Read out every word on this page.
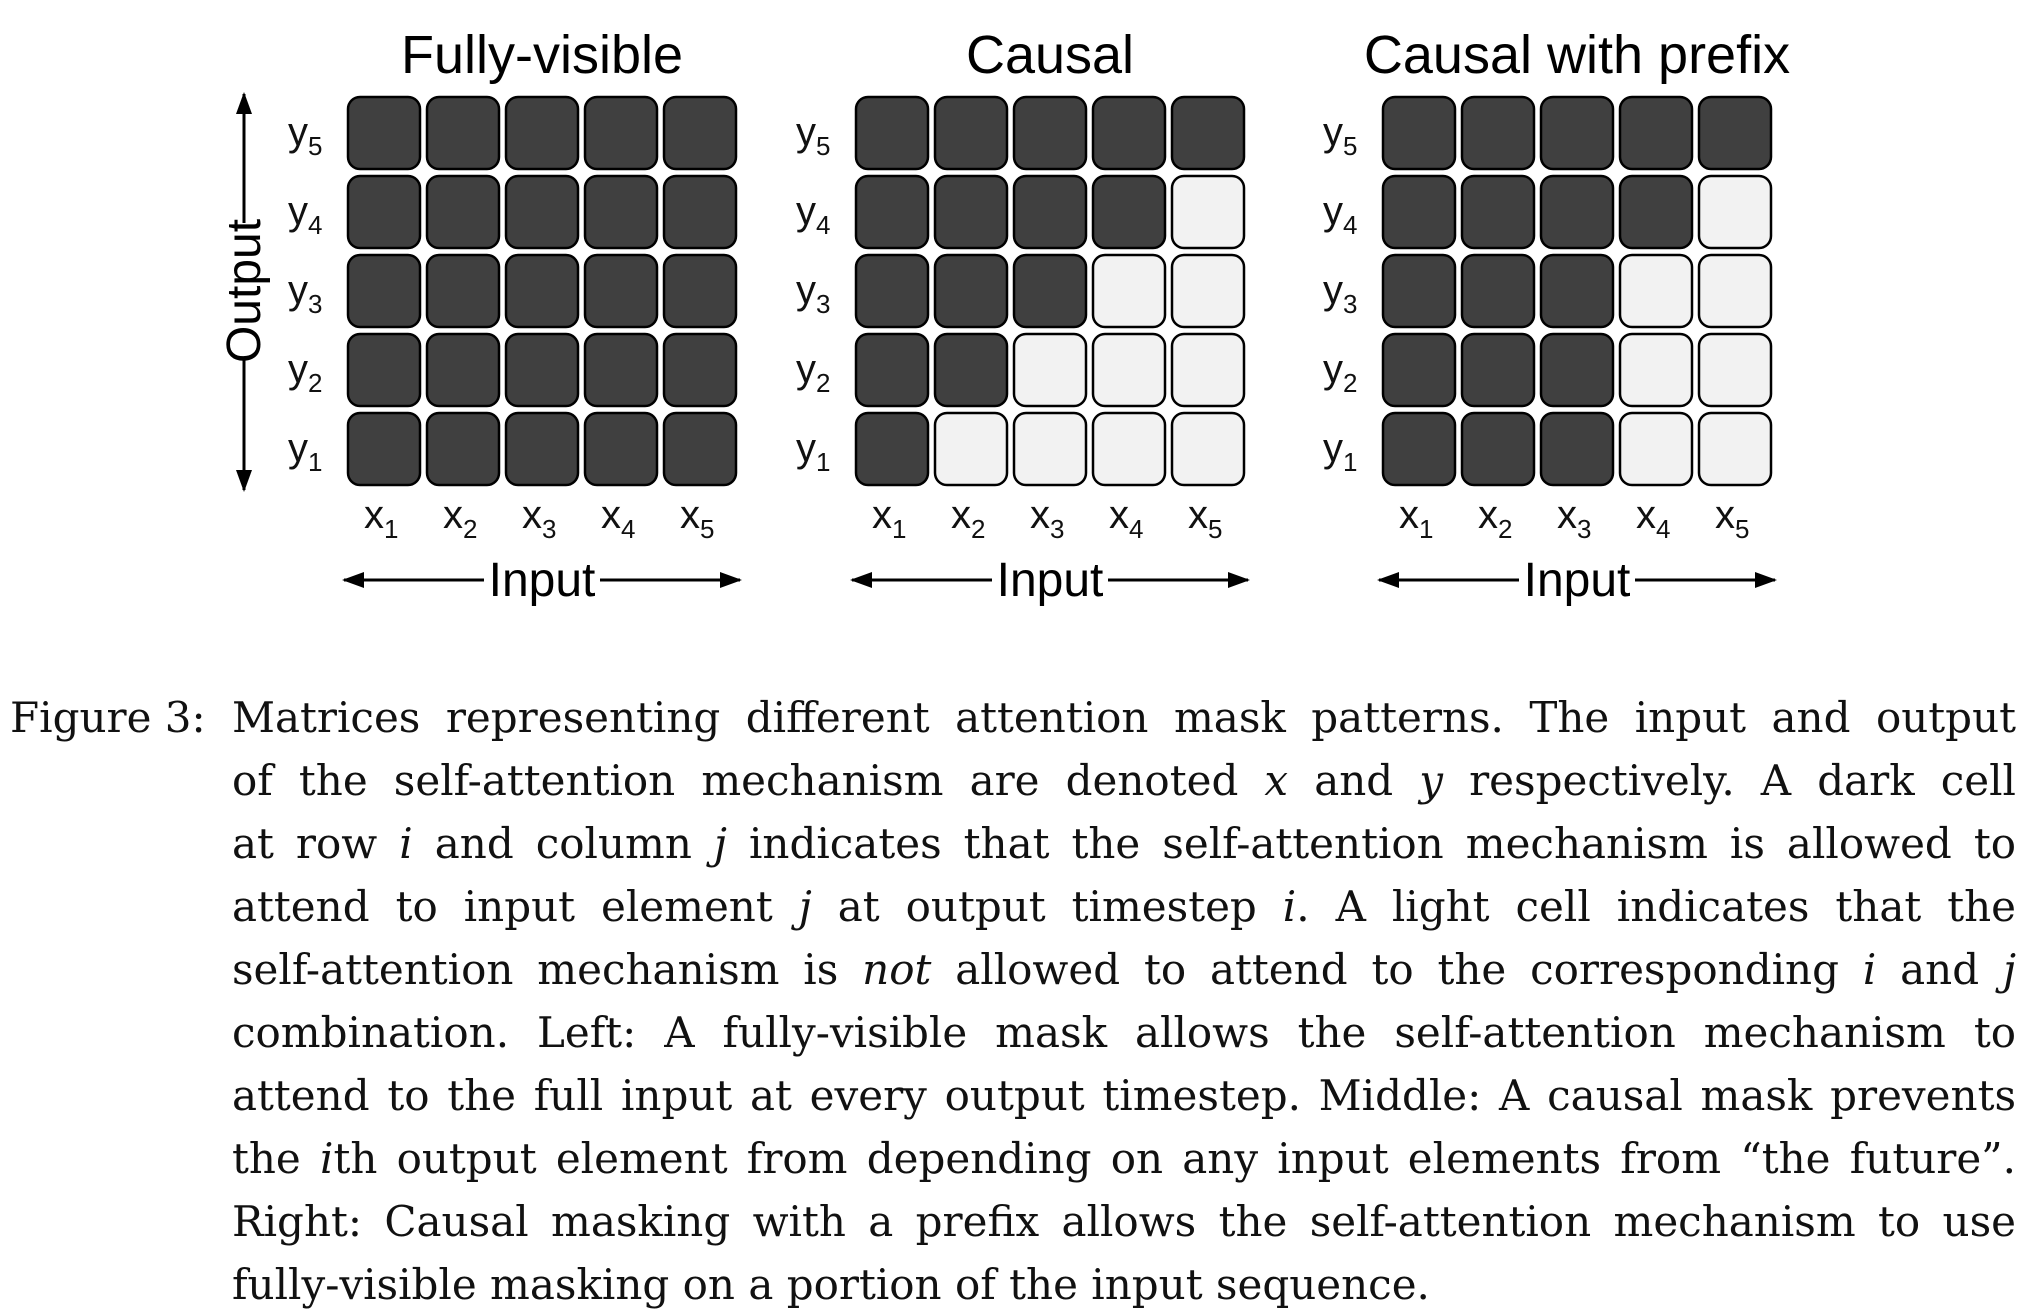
Fully-visible
$y_5$
$y_4$
$y_3$
$y_2$
$y_1$
$x_1$ $x_2$ $x_3$ $x_4$ $x_5$
Input
Output
Causal
$y_5$
$y_4$
$y_3$
$y_2$
$y_1$
$x_1$ $x_2$ $x_3$ $x_4$ $x_5$
Input
Causal with prefix
$y_5$
$y_4$
$y_3$
$y_2$
$y_1$
$x_1$ $x_2$ $x_3$ $x_4$ $x_5$
Input
Figure 3: Matrices representing different attention mask patterns. The input and output
of the self-attention mechanism are denoted x and y respectively. A dark cell
at row i and column j indicates that the self-attention mechanism is allowed to
attend to input element j at output timestep i. A light cell indicates that the
self-attention mechanism is not allowed to attend to the corresponding i and j
combination. Left: A fully-visible mask allows the self-attention mechanism to
attend to the full input at every output timestep. Middle: A causal mask prevents
the ith output element from depending on any input elements from “the future”.
Right: Causal masking with a prefix allows the self-attention mechanism to use
fully-visible masking on a portion of the input sequence.
